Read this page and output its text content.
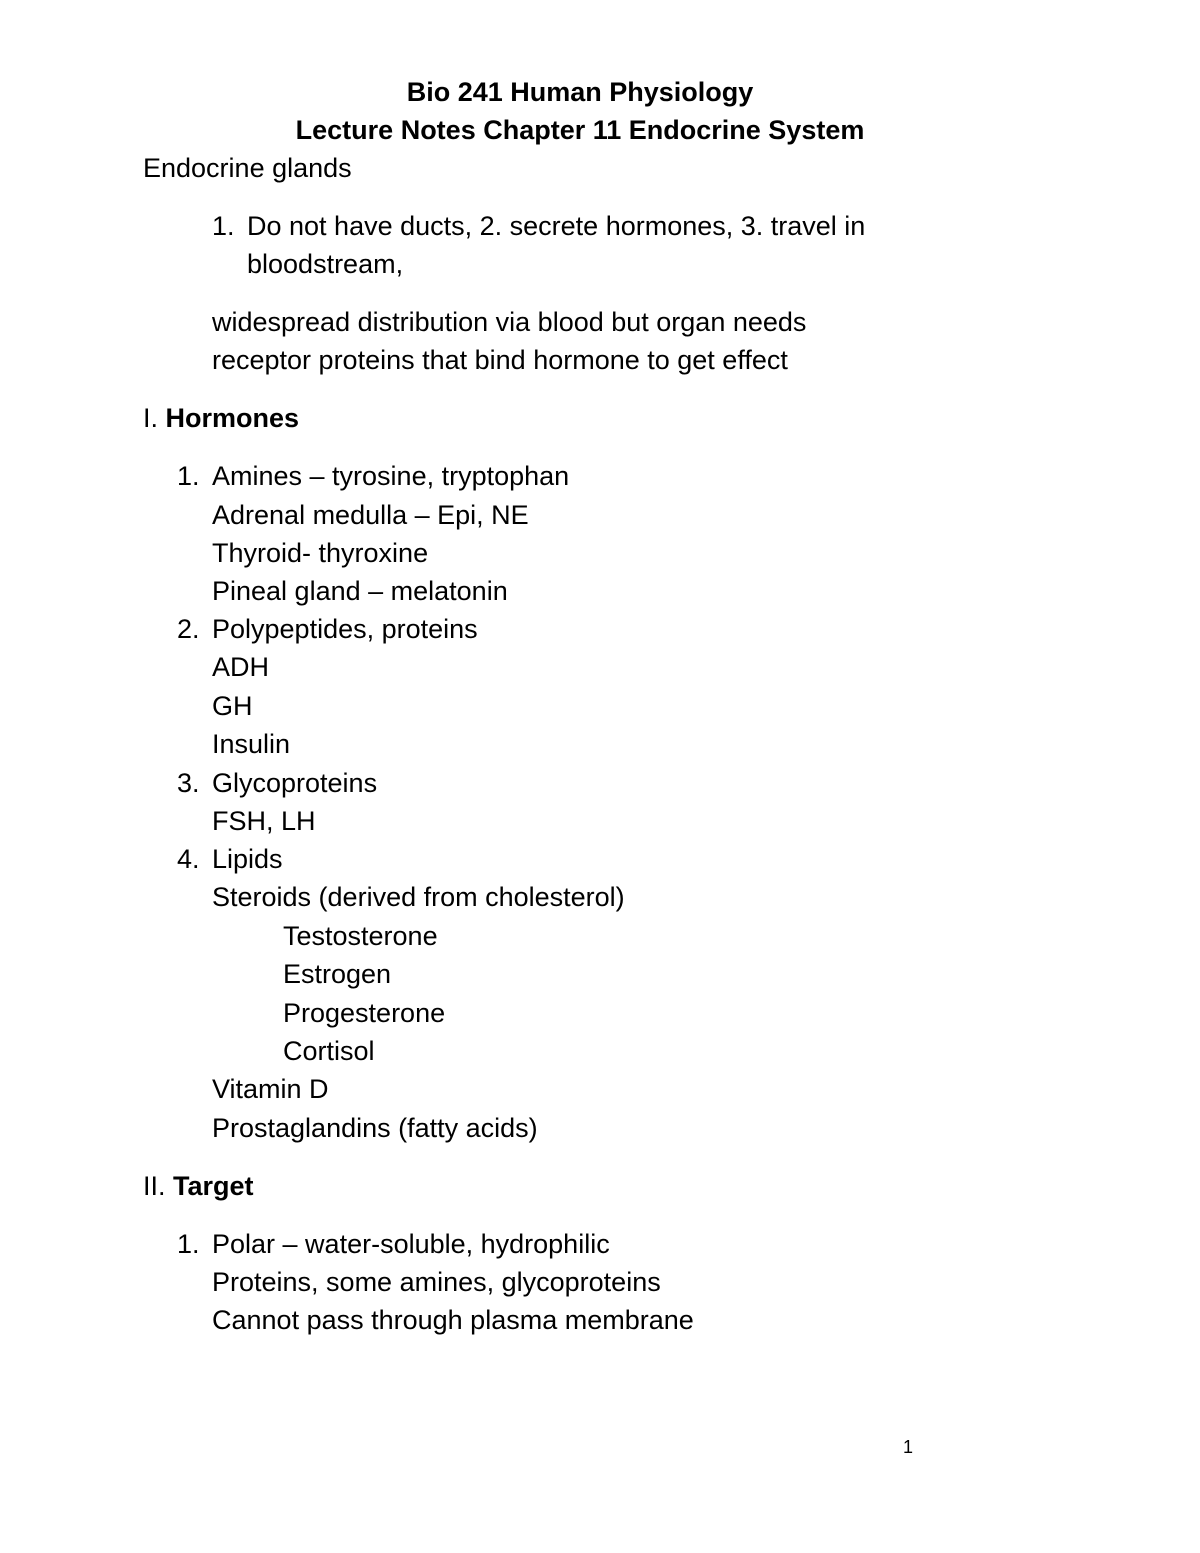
Bio 241 Human Physiology
Lecture Notes Chapter 11 Endocrine System
Endocrine glands
1. Do not have ducts, 2. secrete hormones, 3. travel in
bloodstream,
widespread distribution via blood but organ needs
receptor proteins that bind hormone to get effect
I. Hormones
1. Amines – tyrosine, tryptophan
Adrenal medulla – Epi, NE
Thyroid- thyroxine
Pineal gland – melatonin
2. Polypeptides, proteins
ADH
GH
Insulin
3. Glycoproteins
FSH, LH
4. Lipids
Steroids (derived from cholesterol)
Testosterone
Estrogen
Progesterone
Cortisol
Vitamin D
Prostaglandins (fatty acids)
II. Target
1. Polar – water-soluble, hydrophilic
Proteins, some amines, glycoproteins
Cannot pass through plasma membrane
1
